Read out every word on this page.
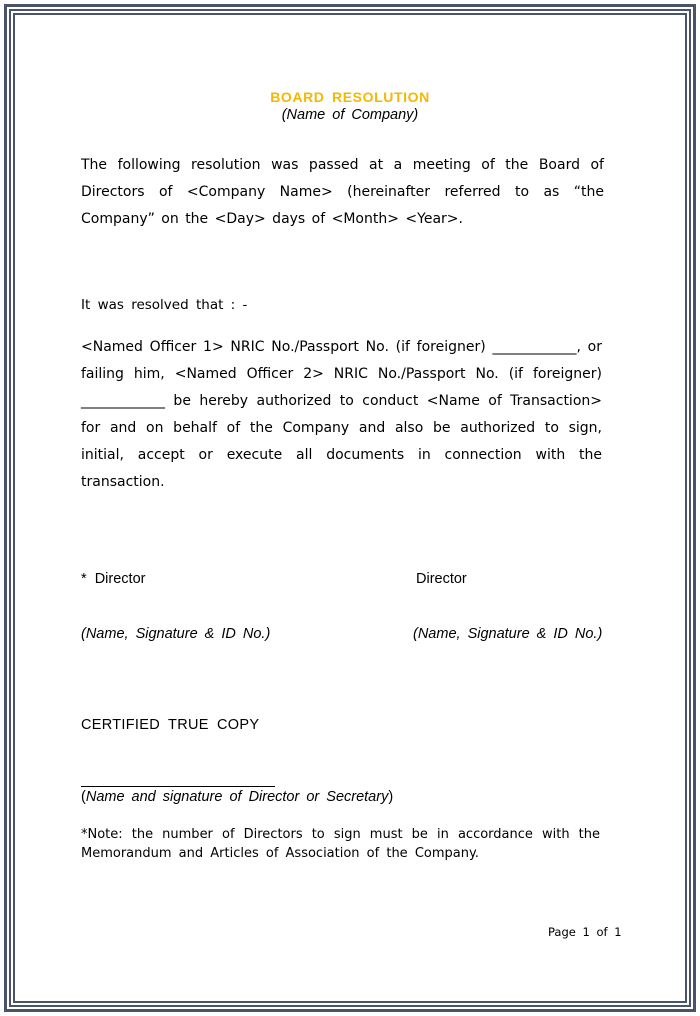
BOARD RESOLUTION
(Name of Company)
The following resolution was passed at a meeting of the Board of Directors of <Company Name> (hereinafter referred to as “the Company” on the <Day> days of <Month> <Year>.
It was resolved that : -
<Named Officer 1> NRIC No./Passport No. (if foreigner) ____________, or failing him, <Named Officer 2> NRIC No./Passport No. (if foreigner) ____________ be hereby authorized to conduct <Name of Transaction> for and on behalf of the Company and also be authorized to sign, initial, accept or execute all documents in connection with the transaction.
*  Director	Director
(Name, Signature & ID No.)	(Name, Signature & ID No.)
CERTIFIED TRUE COPY
(Name and signature of Director or Secretary)
*Note: the number of Directors to sign must be in accordance with the Memorandum and Articles of Association of the Company.
Page 1 of 1
